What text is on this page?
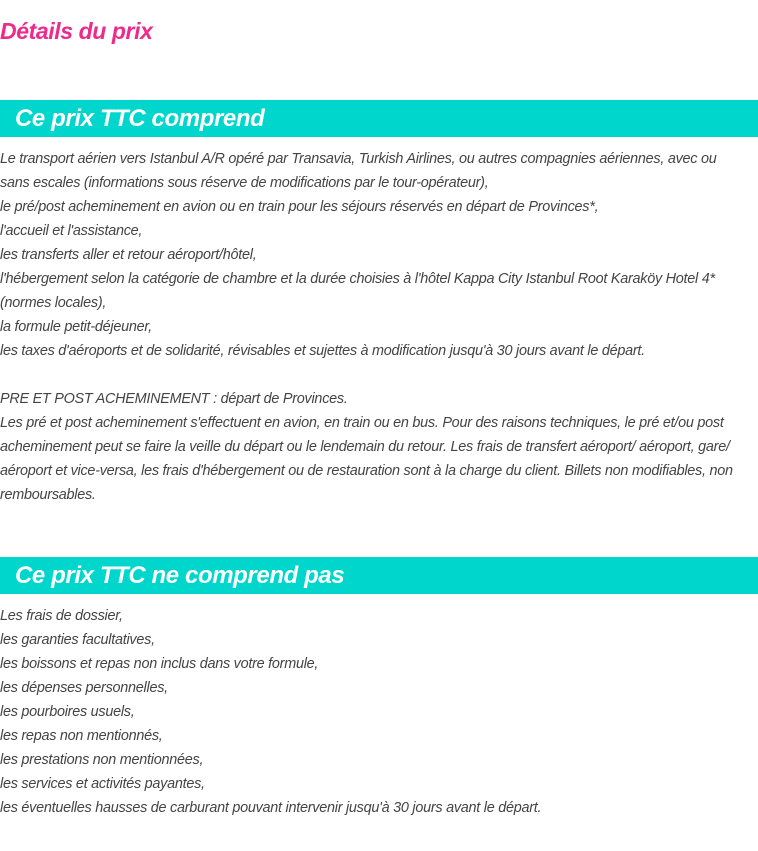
Détails du prix
Ce prix TTC comprend
Le transport aérien vers Istanbul A/R opéré par Transavia, Turkish Airlines, ou autres compagnies aériennes, avec ou
sans escales (informations sous réserve de modifications par le tour-opérateur),
le pré/post acheminement en avion ou en train pour les séjours réservés en départ de Provinces*,
l'accueil et l'assistance,
les transferts aller et retour aéroport/hôtel,
l'hébergement selon la catégorie de chambre et la durée choisies à l'hôtel Kappa City Istanbul Root Karaköy Hotel 4*
(normes locales),
la formule petit-déjeuner,
les taxes d'aéroports et de solidarité, révisables et sujettes à modification jusqu'à 30 jours avant le départ.
PRE ET POST ACHEMINEMENT : départ de Provinces.
Les pré et post acheminement s'effectuent en avion, en train ou en bus. Pour des raisons techniques, le pré et/ou post acheminement peut se faire la veille du départ ou le lendemain du retour. Les frais de transfert aéroport/ aéroport, gare/ aéroport et vice-versa, les frais d'hébergement ou de restauration sont à la charge du client. Billets non modifiables, non remboursables.
Ce prix TTC ne comprend pas
Les frais de dossier,
les garanties facultatives,
les boissons et repas non inclus dans votre formule,
les dépenses personnelles,
les pourboires usuels,
les repas non mentionnés,
les prestations non mentionnées,
les services et activités payantes,
les éventuelles hausses de carburant pouvant intervenir jusqu'à 30 jours avant le départ.
